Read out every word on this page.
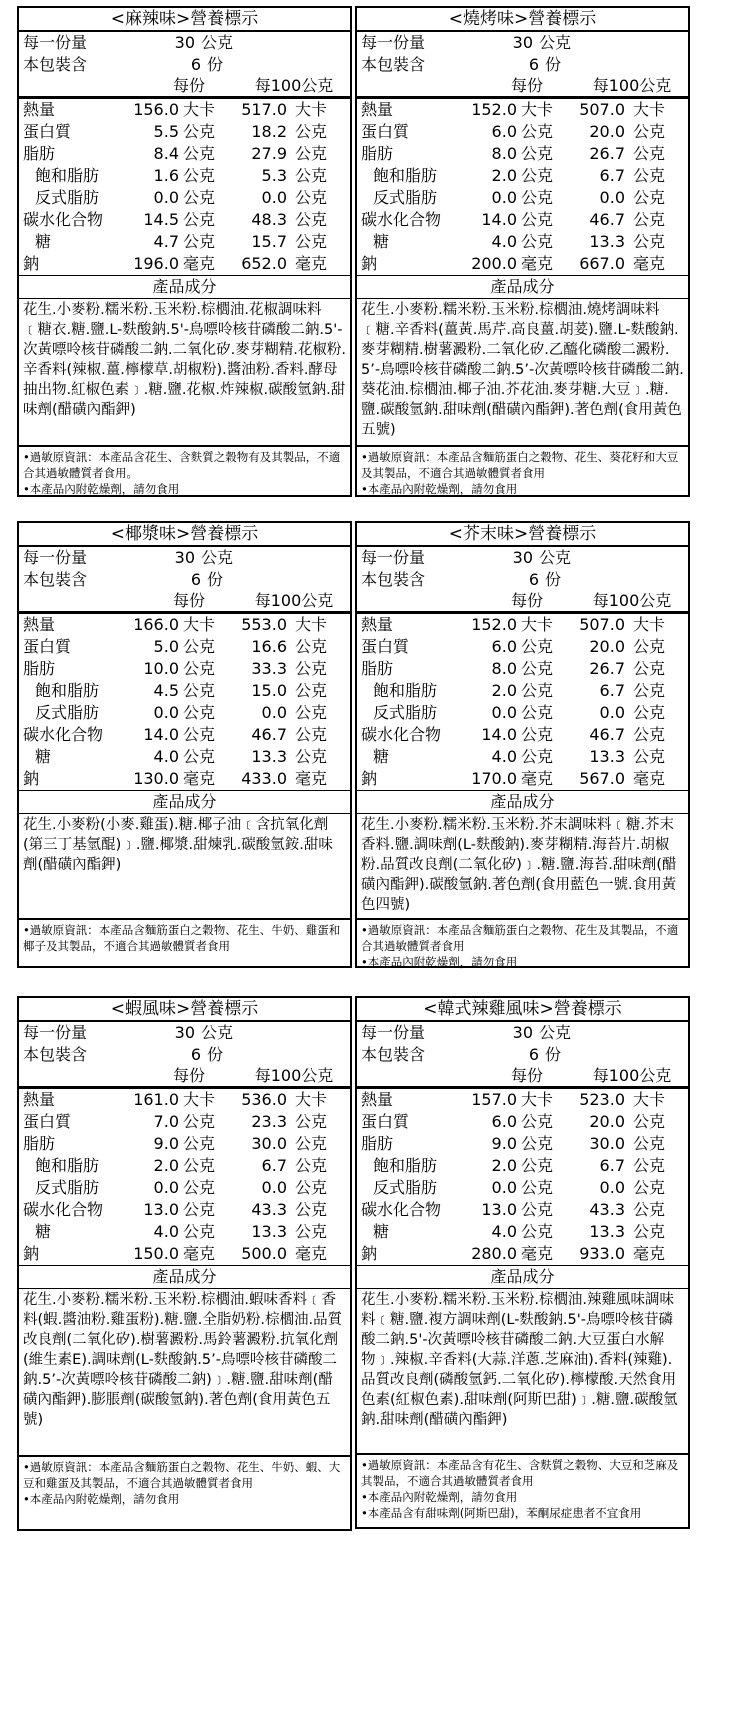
<麻辣味>營養標示
每一份量	30 公克
本包裝含	6 份
每份	每100公克
熱量	156.0 大卡	517.0 大卡
蛋白質	5.5 公克	18.2 公克
脂肪	8.4 公克	27.9 公克
飽和脂肪	1.6 公克	5.3 公克
反式脂肪	0.0 公克	0.0 公克
碳水化合物	14.5 公克	48.3 公克
糖	4.7 公克	15.7 公克
鈉	196.0 毫克	652.0 毫克
產品成分
花生.小麥粉.糯米粉.玉米粉.棕櫚油.花椒調味料﹝糖衣.糖.鹽.L-麩酸鈉.5'-鳥嘌呤核苷磷酸二鈉.5'-次黃嘌呤核苷磷酸二鈉.二氧化矽.麥芽糊精.花椒粉.辛香料(辣椒.薑.檸檬草.胡椒粉).醬油粉.香料.酵母抽出物.紅椒色素﹞.糖.鹽.花椒.炸辣椒.碳酸氫鈉.甜味劑(醋磺內酯鉀)
•過敏原資訊：本產品含花生、含麩質之穀物有及其製品，不適合其過敏體質者食用。
•本產品內附乾燥劑，請勿食用
<燒烤味>營養標示
每一份量	30 公克
本包裝含	6 份
每份	每100公克
熱量	152.0 大卡	507.0 大卡
蛋白質	6.0 公克	20.0 公克
脂肪	8.0 公克	26.7 公克
飽和脂肪	2.0 公克	6.7 公克
反式脂肪	0.0 公克	0.0 公克
碳水化合物	14.0 公克	46.7 公克
糖	4.0 公克	13.3 公克
鈉	200.0 毫克	667.0 毫克
產品成分
花生.小麥粉.糯米粉.玉米粉.棕櫚油.燒烤調味料﹝糖.辛香料(薑黃.馬芹.高良薑.胡荽).鹽.L-麩酸鈉.麥芽糊精.樹薯澱粉.二氧化矽.乙醯化磷酸二澱粉.5’-鳥嘌呤核苷磷酸二鈉.5’-次黃嘌呤核苷磷酸二鈉.葵花油.棕櫚油.椰子油.芥花油.麥芽糖.大豆﹞.糖.鹽.碳酸氫鈉.甜味劑(醋磺內酯鉀).著色劑(食用黃色五號)
•過敏原資訊：本產品含麵筋蛋白之穀物、花生、葵花籽和大豆及其製品，不適合其過敏體質者食用
•本產品內附乾燥劑，請勿食用
<椰漿味>營養標示
每一份量	30 公克
本包裝含	6 份
每份	每100公克
熱量	166.0 大卡	553.0 大卡
蛋白質	5.0 公克	16.6 公克
脂肪	10.0 公克	33.3 公克
飽和脂肪	4.5 公克	15.0 公克
反式脂肪	0.0 公克	0.0 公克
碳水化合物	14.0 公克	46.7 公克
糖	4.0 公克	13.3 公克
鈉	130.0 毫克	433.0 毫克
產品成分
花生.小麥粉(小麥.雞蛋).糖.椰子油﹝含抗氧化劑(第三丁基氫醌)﹞.鹽.椰漿.甜煉乳.碳酸氫銨.甜味劑(醋磺內酯鉀)
•過敏原資訊：本產品含麵筋蛋白之穀物、花生、牛奶、雞蛋和椰子及其製品，不適合其過敏體質者食用
<芥末味>營養標示
每一份量	30 公克
本包裝含	6 份
每份	每100公克
熱量	152.0 大卡	507.0 大卡
蛋白質	6.0 公克	20.0 公克
脂肪	8.0 公克	26.7 公克
飽和脂肪	2.0 公克	6.7 公克
反式脂肪	0.0 公克	0.0 公克
碳水化合物	14.0 公克	46.7 公克
糖	4.0 公克	13.3 公克
鈉	170.0 毫克	567.0 毫克
產品成分
花生.小麥粉.糯米粉.玉米粉.芥末調味料﹝糖.芥末香料.鹽.調味劑(L-麩酸鈉).麥芽糊精.海苔片.胡椒粉.品質改良劑(二氧化矽)﹞.糖.鹽.海苔.甜味劑(醋磺內酯鉀).碳酸氫鈉.著色劑(食用藍色一號.食用黃色四號)
•過敏原資訊：本產品含麵筋蛋白之穀物、花生及其製品，不適合其過敏體質者食用
•本產品內附乾燥劑，請勿食用
<蝦風味>營養標示
每一份量	30 公克
本包裝含	6 份
每份	每100公克
熱量	161.0 大卡	536.0 大卡
蛋白質	7.0 公克	23.3 公克
脂肪	9.0 公克	30.0 公克
飽和脂肪	2.0 公克	6.7 公克
反式脂肪	0.0 公克	0.0 公克
碳水化合物	13.0 公克	43.3 公克
糖	4.0 公克	13.3 公克
鈉	150.0 毫克	500.0 毫克
產品成分
花生.小麥粉.糯米粉.玉米粉.棕櫚油.蝦味香料﹝香料(蝦.醬油粉.雞蛋粉).糖.鹽.全脂奶粉.棕櫚油.品質改良劑(二氧化矽).樹薯澱粉.馬鈴薯澱粉.抗氧化劑(維生素E).調味劑(L-麩酸鈉.5’-鳥嘌呤核苷磷酸二鈉.5’-次黃嘌呤核苷磷酸二鈉)﹞.糖.鹽.甜味劑(醋磺內酯鉀).膨脹劑(碳酸氫鈉).著色劑(食用黃色五號)
•過敏原資訊：本產品含麵筋蛋白之穀物、花生、牛奶、蝦、大豆和雞蛋及其製品，不適合其過敏體質者食用
•本產品內附乾燥劑，請勿食用
<韓式辣雞風味>營養標示
每一份量	30 公克
本包裝含	6 份
每份	每100公克
熱量	157.0 大卡	523.0 大卡
蛋白質	6.0 公克	20.0 公克
脂肪	9.0 公克	30.0 公克
飽和脂肪	2.0 公克	6.7 公克
反式脂肪	0.0 公克	0.0 公克
碳水化合物	13.0 公克	43.3 公克
糖	4.0 公克	13.3 公克
鈉	280.0 毫克	933.0 毫克
產品成分
花生.小麥粉.糯米粉.玉米粉.棕櫚油.辣雞風味調味料﹝糖.鹽.複方調味劑(L-麩酸鈉.5'-鳥嘌呤核苷磷酸二鈉.5'-次黃嘌呤核苷磷酸二鈉.大豆蛋白水解物﹞.辣椒.辛香料(大蒜.洋蔥.芝麻油).香料(辣雞).品質改良劑(磷酸氫鈣.二氧化矽).檸檬酸.天然食用色素(紅椒色素).甜味劑(阿斯巴甜)﹞.糖.鹽.碳酸氫鈉.甜味劑(醋磺內酯鉀)
•過敏原資訊：本產品含有花生、含麩質之穀物、大豆和芝麻及其製品，不適合其過敏體質者食用
•本產品內附乾燥劑，請勿食用
•本產品含有甜味劑(阿斯巴甜)，苯酮尿症患者不宜食用
